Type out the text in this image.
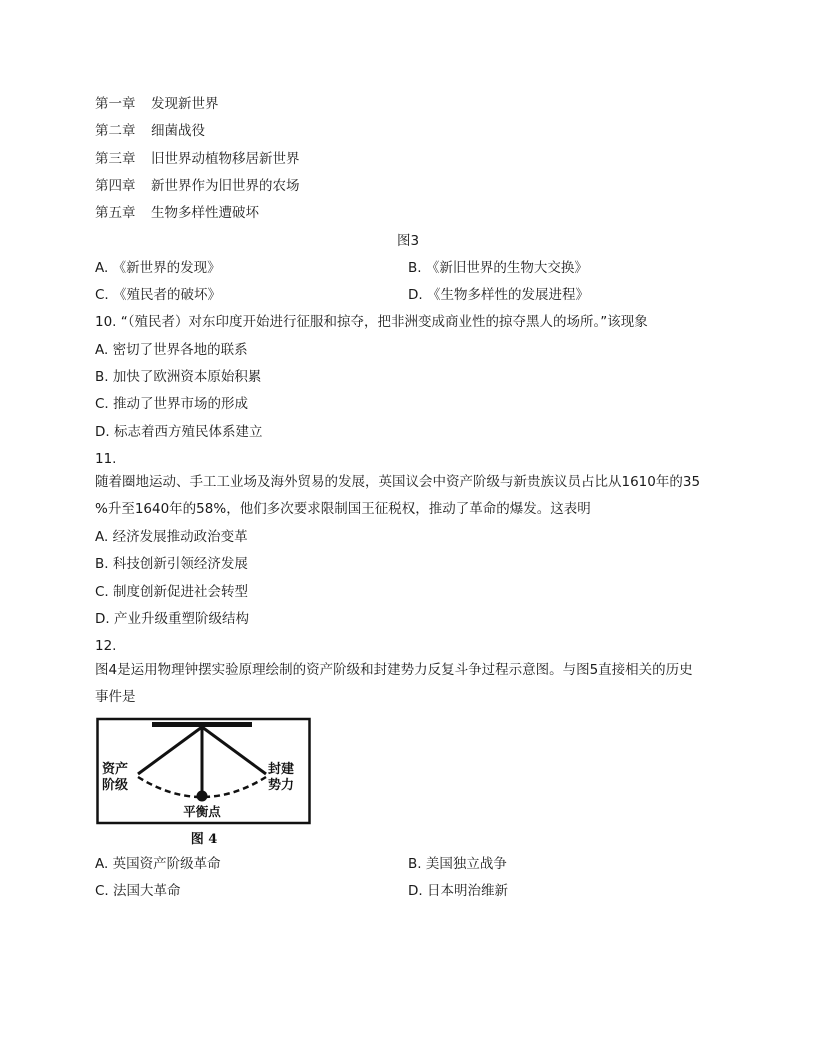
第一章 发现新世界
第二章 细菌战役
第三章 旧世界动植物移居新世界
第四章 新世界作为旧世界的农场
第五章 生物多样性遭破坏
图3
A. 《新世界的发现》	B. 《新旧世界的生物大交换》
C. 《殖民者的破坏》	D. 《生物多样性的发展进程》
10. “（殖民者）对东印度开始进行征服和掠夺，把非洲变成商业性的掠夺黑人的场所。”该现象
A. 密切了世界各地的联系
B. 加快了欧洲资本原始积累
C. 推动了世界市场的形成
D. 标志着西方殖民体系建立
11.
随着圈地运动、手工工业场及海外贸易的发展，英国议会中资产阶级与新贵族议员占比从1610年的35
%升至1640年的58%，他们多次要求限制国王征税权，推动了革命的爆发。这表明
A. 经济发展推动政治变革
B. 科技创新引领经济发展
C. 制度创新促进社会转型
D. 产业升级重塑阶级结构
12.
图4是运用物理钟摆实验原理绘制的资产阶级和封建势力反复斗争过程示意图。与图5直接相关的历史
事件是
资产
阶级
封建
势力
平衡点
图 4
A. 英国资产阶级革命	B. 美国独立战争
C. 法国大革命	D. 日本明治维新
